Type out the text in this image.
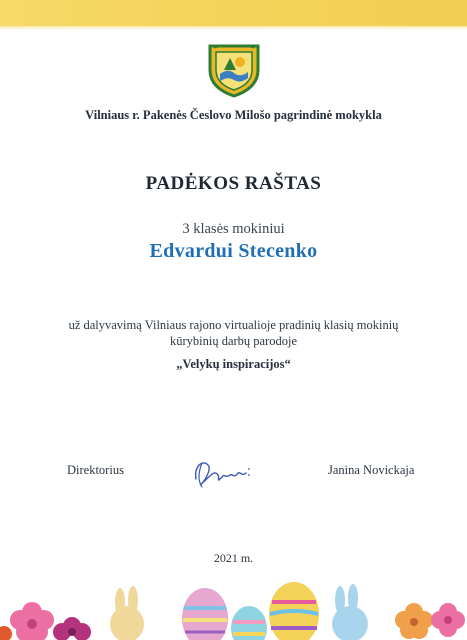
Vilniaus r. Pakenės Česlovo Milošo pagrindinė mokykla
PADĖKOS RAŠTAS
3 klasės mokiniui
Edvardui Stecenko
už dalyvavimą Vilniaus rajono virtualioje pradinių klasių mokinių
kūrybinių darbų parodoje
„Velykų inspiracijos“
Direktorius	Janina Novickaja
2021 m.
